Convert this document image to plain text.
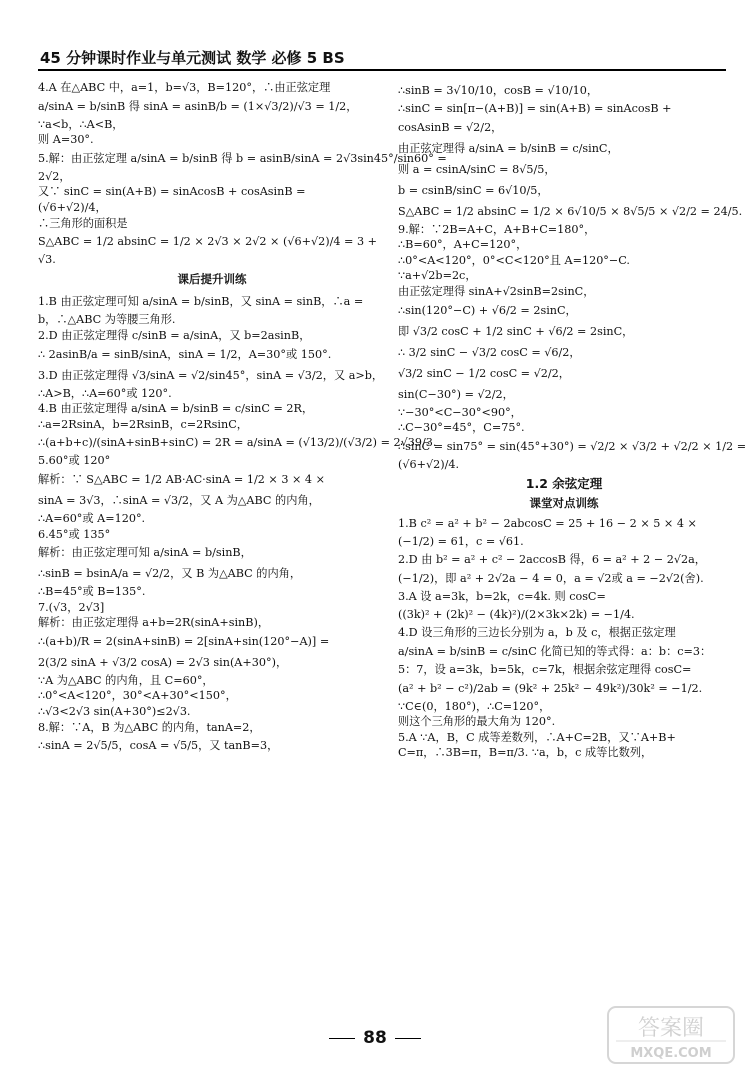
45 分钟课时作业与单元测试 数学 必修 5 BS
4.A 在△ABC 中，a=1，b=√3，B=120°，∴由正弦定理
a/sinA = b/sinB 得 sinA = asinB/b = (1×√3/2)/√3 = 1/2，
∵a<b，∴A<B，
则 A=30°.
5.解：由正弦定理 a/sinA = b/sinB 得 b = asinB/sinA = 2√3sin45°/sin60° =
2√2，
又∵ sinC = sin(A+B) = sinAcosB + cosAsinB =
(√6+√2)/4，
∴三角形的面积是
S△ABC = 1/2 absinC = 1/2 × 2√3 × 2√2 × (√6+√2)/4 = 3 +
√3.
课后提升训练
1.B 由正弦定理可知 a/sinA = b/sinB，又 sinA = sinB，∴a =
b，∴△ABC 为等腰三角形.
2.D 由正弦定理得 c/sinB = a/sinA，又 b=2asinB，
∴ 2asinB/a = sinB/sinA，sinA = 1/2，A=30°或 150°.
3.D 由正弦定理得 √3/sinA = √2/sin45°，sinA = √3/2，又 a>b，
∴A>B，∴A=60°或 120°.
4.B 由正弦定理得 a/sinA = b/sinB = c/sinC = 2R，
∴a=2RsinA，b=2RsinB，c=2RsinC，
∴(a+b+c)/(sinA+sinB+sinC) = 2R = a/sinA = (√13/2)/(√3/2) = 2√39/3.
5.60°或 120°
解析：∵ S△ABC = 1/2 AB·AC·sinA = 1/2 × 3 × 4 ×
sinA = 3√3，∴sinA = √3/2，又 A 为△ABC 的内角，
∴A=60°或 A=120°.
6.45°或 135°
解析：由正弦定理可知 a/sinA = b/sinB，
∴sinB = bsinA/a = √2/2，又 B 为△ABC 的内角，
∴B=45°或 B=135°.
7.(√3，2√3]
解析：由正弦定理得 a+b=2R(sinA+sinB)，
∴(a+b)/R = 2(sinA+sinB) = 2[sinA+sin(120°−A)] =
2(3/2 sinA + √3/2 cosA) = 2√3 sin(A+30°)，
∵A 为△ABC 的内角，且 C=60°，
∴0°<A<120°，30°<A+30°<150°，
∴√3<2√3 sin(A+30°)≤2√3.
8.解：∵A，B 为△ABC 的内角，tanA=2，
∴sinA = 2√5/5，cosA = √5/5，又 tanB=3，
∴sinB = 3√10/10，cosB = √10/10，
∴sinC = sin[π−(A+B)] = sin(A+B) = sinAcosB +
cosAsinB = √2/2，
由正弦定理得 a/sinA = b/sinB = c/sinC，
则 a = csinA/sinC = 8√5/5，
b = csinB/sinC = 6√10/5，
S△ABC = 1/2 absinC = 1/2 × 6√10/5 × 8√5/5 × √2/2 = 24/5.
9.解：∵2B=A+C，A+B+C=180°，
∴B=60°，A+C=120°，
∴0°<A<120°，0°<C<120°且 A=120°−C.
∵a+√2b=2c，
由正弦定理得 sinA+√2sinB=2sinC，
∴sin(120°−C) + √6/2 = 2sinC，
即 √3/2 cosC + 1/2 sinC + √6/2 = 2sinC，
∴ 3/2 sinC − √3/2 cosC = √6/2，
√3/2 sinC − 1/2 cosC = √2/2，
sin(C−30°) = √2/2，
∵−30°<C−30°<90°，
∴C−30°=45°，C=75°.
∴sinC = sin75° = sin(45°+30°) = √2/2 × √3/2 + √2/2 × 1/2 =
(√6+√2)/4.
1.2 余弦定理
课堂对点训练
1.B c² = a² + b² − 2abcosC = 25 + 16 − 2 × 5 × 4 ×
(−1/2) = 61，c = √61.
2.D 由 b² = a² + c² − 2accosB 得，6 = a² + 2 − 2√2a，
(−1/2)，即 a² + 2√2a − 4 = 0，a = √2或 a = −2√2(舍).
3.A 设 a=3k，b=2k，c=4k. 则 cosC=
((3k)² + (2k)² − (4k)²)/(2×3k×2k) = −1/4.
4.D 设三角形的三边长分别为 a，b 及 c，根据正弦定理
a/sinA = b/sinB = c/sinC 化简已知的等式得：a：b：c=3：
5：7，设 a=3k，b=5k，c=7k，根据余弦定理得 cosC=
(a² + b² − c²)/2ab = (9k² + 25k² − 49k²)/30k² = −1/2.
∵C∈(0，180°)，∴C=120°，
则这个三角形的最大角为 120°.
5.A ∵A，B，C 成等差数列，∴A+C=2B，又∵A+B+
C=π，∴3B=π，B=π/3. ∵a，b，c 成等比数列，
88	答案圈
MXQE.COM
